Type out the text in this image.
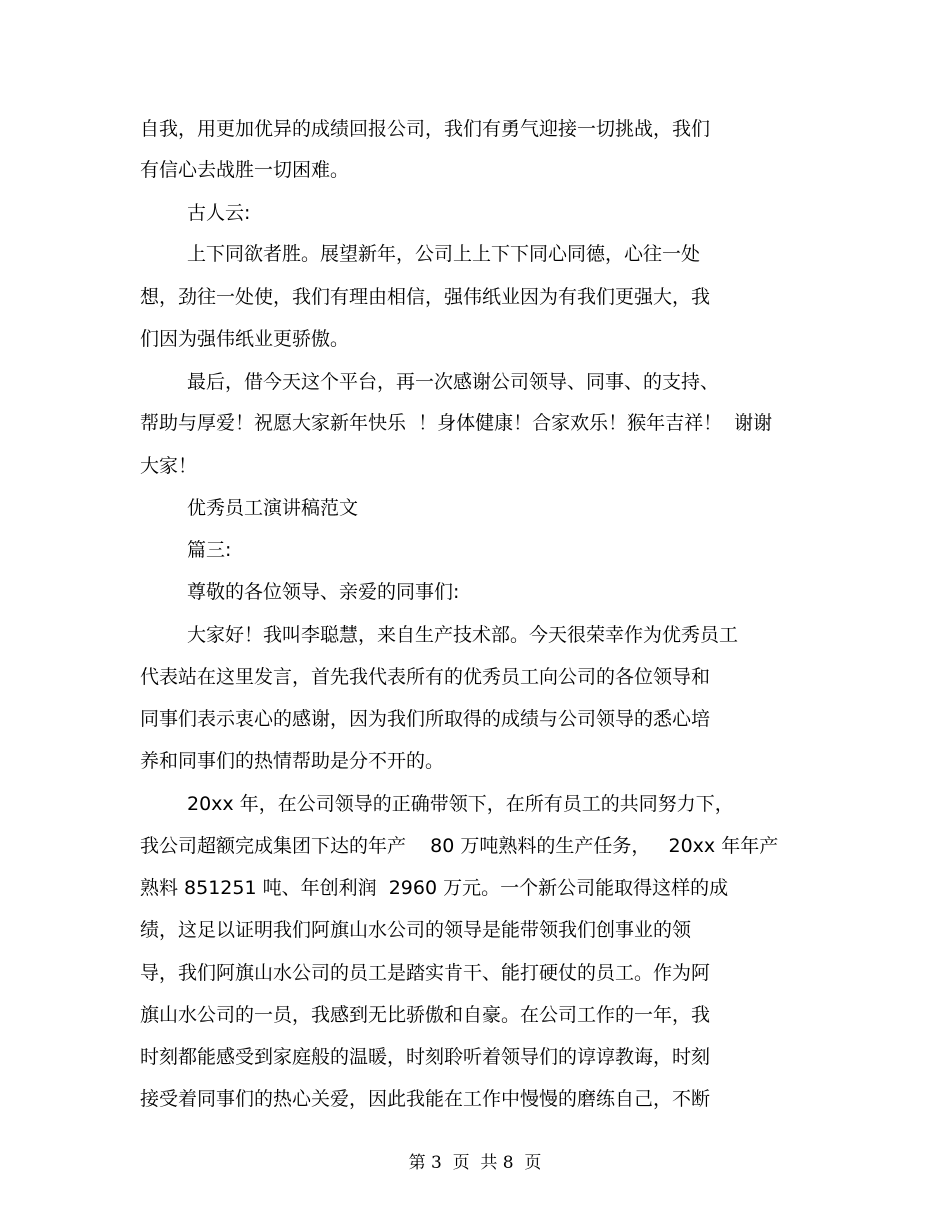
自我，用更加优异的成绩回报公司，我们有勇气迎接一切挑战，我们
有信心去战胜一切困难。
古人云:
上下同欲者胜。展望新年，公司上上下下同心同德，心往一处
想，劲往一处使，我们有理由相信，强伟纸业因为有我们更强大，我
们因为强伟纸业更骄傲。
最后，借今天这个平台，再一次感谢公司领导、同事、的支持、
帮助与厚爱！祝愿大家新年快乐  ！身体健康！合家欢乐！猴年吉祥！  谢谢
大家！
优秀员工演讲稿范文
篇三:
尊敬的各位领导、亲爱的同事们:
大家好！我叫李聪慧，来自生产技术部。今天很荣幸作为优秀员工
代表站在这里发言，首先我代表所有的优秀员工向公司的各位领导和
同事们表示衷心的感谢，因为我们所取得的成绩与公司领导的悉心培
养和同事们的热情帮助是分不开的。
20xx 年，在公司领导的正确带领下，在所有员工的共同努力下，
我公司超额完成集团下达的年产    80 万吨熟料的生产任务，   20xx 年年产
熟料 851251 吨、年创利润  2960 万元。一个新公司能取得这样的成
绩，这足以证明我们阿旗山水公司的领导是能带领我们创事业的领
导，我们阿旗山水公司的员工是踏实肯干、能打硬仗的员工。作为阿
旗山水公司的一员，我感到无比骄傲和自豪。在公司工作的一年，我
时刻都能感受到家庭般的温暖，时刻聆听着领导们的谆谆教诲，时刻
接受着同事们的热心关爱，因此我能在工作中慢慢的磨练自己，不断
第 3  页  共 8  页
